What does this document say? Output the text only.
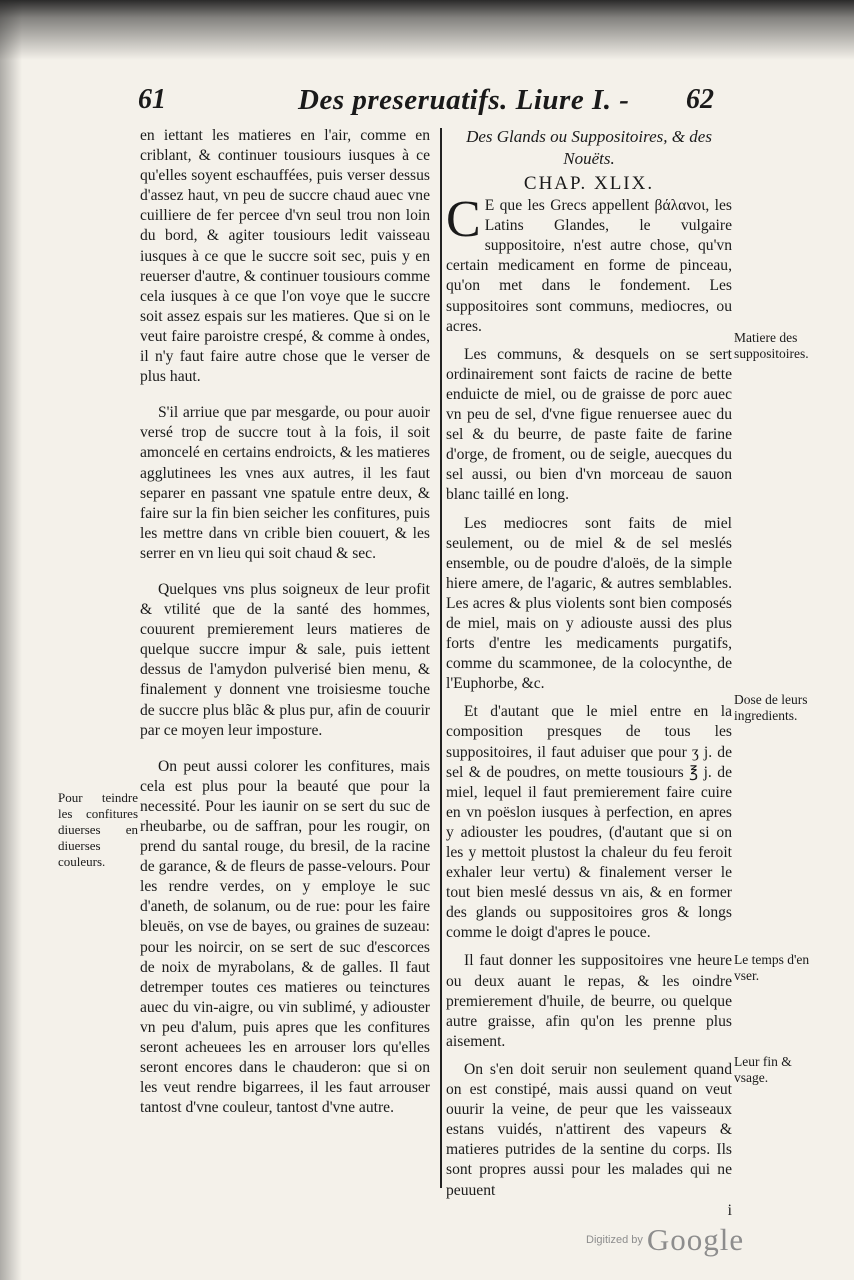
61	Des preseruatifs. Liure I. - 62

en iettant les matieres en l'air, comme en criblant, & continuer tousiours iusques à ce qu'elles soyent eschauffées, puis verser dessus d'assez haut, vn peu de succre chaud auec vne cuilliere de fer percee d'vn seul trou non loin du bord, & agiter tousiours ledit vaisseau iusques à ce que le succre soit sec, puis y en reuerser d'autre, & continuer tousiours comme cela iusques à ce que l'on voye que le succre soit assez espais sur les matieres. Que si on le veut faire paroistre crespé, & comme à ondes, il n'y faut faire autre chose que le verser de plus haut.

S'il arriue que par mesgarde, ou pour auoir versé trop de succre tout à la fois, il soit amoncelé en certains endroicts, & les matieres agglutinees les vnes aux autres, il les faut separer en passant vne spatule entre deux, & faire sur la fin bien seicher les confitures, puis les mettre dans vn crible bien couuert, & les serrer en vn lieu qui soit chaud & sec.

Quelques vns plus soigneux de leur profit & vtilité que de la santé des hommes, couurent premierement leurs matieres de quelque succre impur & sale, puis iettent dessus de l'amydon pulverisé bien menu, & finalement y donnent vne troisiesme touche de succre plus blãc & plus pur, afin de couurir par ce moyen leur imposture.

On peut aussi colorer les confitures, mais cela est plus pour la beauté que pour la necessité. Pour les iaunir on se sert du suc de rheubarbe, ou de saffran, pour les rougir, on prend du santal rouge, du bresil, de la racine de garance, & de fleurs de passe-velours. Pour les rendre verdes, on y employe le suc d'aneth, de solanum, ou de rue: pour les faire bleuës, on vse de bayes, ou graines de suzeau: pour les noircir, on se sert de suc d'escorces de noix de myrabolans, & de galles. Il faut detremper toutes ces matieres ou teinctures auec du vin-aigre, ou vin sublimé, y adiouster vn peu d'alum, puis apres que les confitures seront acheuees les en arrouser lors qu'elles seront encores dans le chauderon: que si on les veut rendre bigarrees, il les faut arrouser tantost d'vne couleur, tantost d'vne autre.

Pour teindre les confitures diuerses en diuerses couleurs.

Des Glands ou Suppositoires, & des Nouëts.

CHAP. XLIX.

C E que les Grecs appellent βάλανοι, les Latins Glandes, le vulgaire suppositoire, n'est autre chose, qu'vn certain medicament en forme de pinceau, qu'on met dans le fondement. Les suppositoires sont communs, mediocres, ou acres.

Les communs, & desquels on se sert ordinairement sont faicts de racine de bette enduicte de miel, ou de graisse de porc auec vn peu de sel, d'vne figue renuersee auec du sel & du beurre, de paste faite de farine d'orge, de froment, ou de seigle, auecques du sel aussi, ou bien d'vn morceau de sauon blanc taillé en long.

Les mediocres sont faits de miel seulement, ou de miel & de sel meslés ensemble, ou de poudre d'aloës, de la simple hiere amere, de l'agaric, & autres semblables. Les acres & plus violents sont bien composés de miel, mais on y adiouste aussi des plus forts d'entre les medicaments purgatifs, comme du scammonee, de la colocynthe, de l'Euphorbe, &c.

Et d'autant que le miel entre en la composition presques de tous les suppositoires, il faut aduiser que pour ʒ j. de sel & de poudres, on mette tousiours ℥ j. de miel, lequel il faut premierement faire cuire en vn poëslon iusques à perfection, en apres y adiouster les poudres, (d'autant que si on les y mettoit plustost la chaleur du feu feroit exhaler leur vertu) & finalement verser le tout bien meslé dessus vn ais, & en former des glands ou suppositoires gros & longs comme le doigt d'apres le pouce.

Il faut donner les suppositoires vne heure ou deux auant le repas, & les oindre premierement d'huile, de beurre, ou quelque autre graisse, afin qu'on les prenne plus aisement.

On s'en doit seruir non seulement quand on est constipé, mais aussi quand on veut ouurir la veine, de peur que les vaisseaux estans vuidés, n'attirent des vapeurs & matieres putrides de la sentine du corps. Ils sont propres aussi pour les malades qui ne peuuent

i
Matiere des suppositoires.
Dose de leurs ingredients.
Le temps d'en vser.
Leur fin & vsage.
Digitized by Google
